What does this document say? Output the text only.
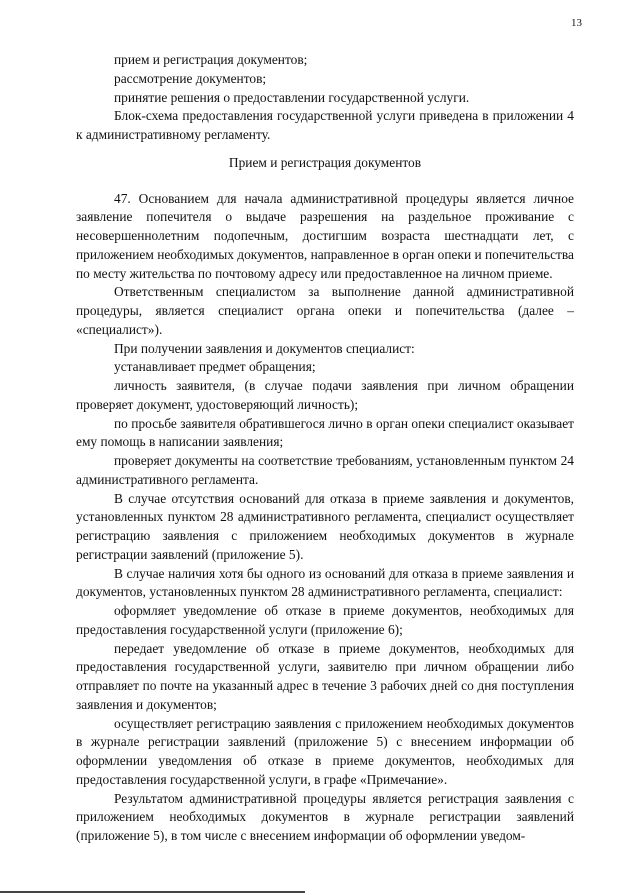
13

прием и регистрация документов;

рассмотрение документов;

принятие решения о предоставлении государственной услуги.

Блок-схема предоставления государственной услуги приведена в приложении 4 к административному регламенту.

Прием и регистрация документов

47. Основанием для начала административной процедуры является личное заявление попечителя о выдаче разрешения на раздельное проживание с несовершеннолетним подопечным, достигшим возраста шестнадцати лет, с приложением необходимых документов, направленное в орган опеки и попечительства по месту жительства по почтовому адресу или предоставленное на личном приеме.

Ответственным специалистом за выполнение данной административной процедуры, является специалист органа опеки и попечительства (далее – «специалист»).

При получении заявления и документов специалист:

устанавливает предмет обращения;

личность заявителя, (в случае подачи заявления при личном обращении проверяет документ, удостоверяющий личность);

по просьбе заявителя обратившегося лично в орган опеки специалист оказывает ему помощь в написании заявления;

проверяет документы на соответствие требованиям, установленным пунктом 24 административного регламента.

В случае отсутствия оснований для отказа в приеме заявления и документов, установленных пунктом 28 административного регламента, специалист осуществляет регистрацию заявления с приложением необходимых документов в журнале регистрации заявлений (приложение 5).

В случае наличия хотя бы одного из оснований для отказа в приеме заявления и документов, установленных пунктом 28 административного регламента, специалист:

оформляет уведомление об отказе в приеме документов, необходимых для предоставления государственной услуги (приложение 6);

передает уведомление об отказе в приеме документов, необходимых для предоставления государственной услуги, заявителю при личном обращении либо отправляет по почте на указанный адрес в течение 3 рабочих дней со дня поступления заявления и документов;

осуществляет регистрацию заявления с приложением необходимых документов в журнале регистрации заявлений (приложение 5) с внесением информации об оформлении уведомления об отказе в приеме документов, необходимых для предоставления государственной услуги, в графе «Примечание».

Результатом административной процедуры является регистрация заявления с приложением необходимых документов в журнале регистрации заявлений (приложение 5), в том числе с внесением информации об оформлении уведом-
